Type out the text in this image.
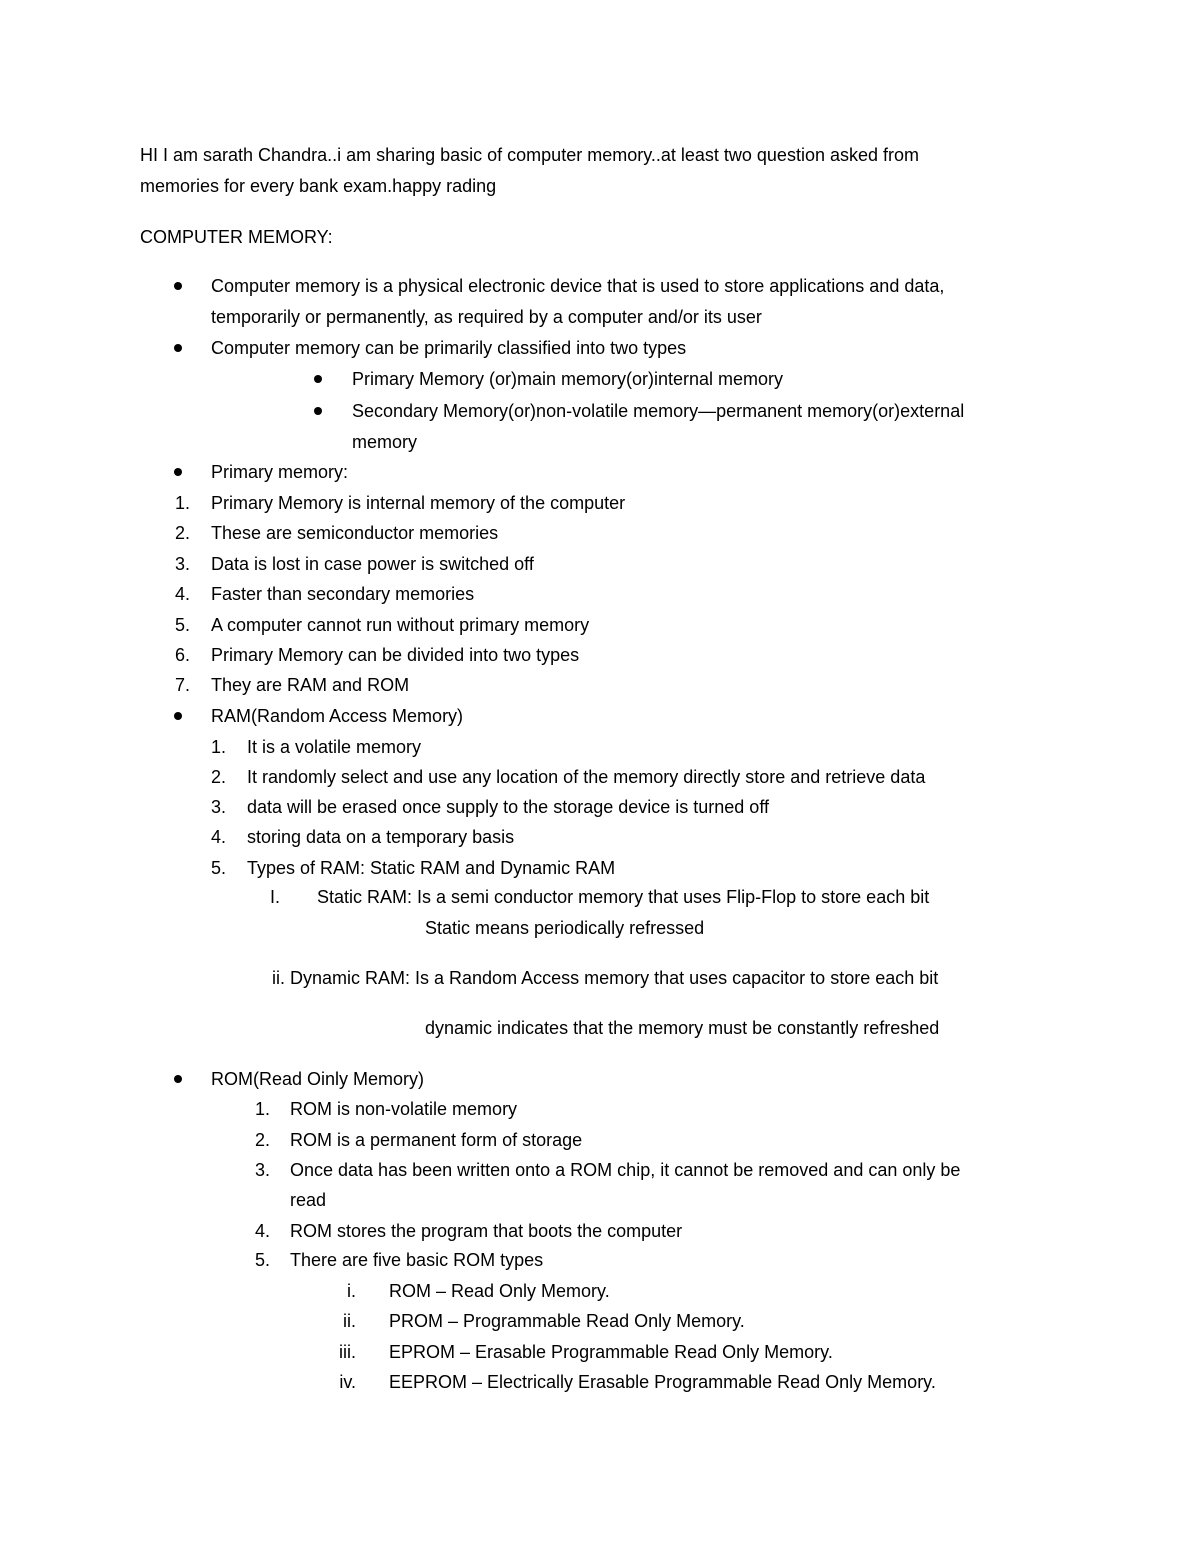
HI I am sarath Chandra..i am sharing basic of computer memory..at least two question asked from
memories for every bank exam.happy rading
COMPUTER MEMORY:
Computer memory is a physical electronic device that is used to store applications and data,
temporarily or permanently, as required by a computer and/or its user
Computer memory can be primarily classified into two types
Primary Memory (or)main memory(or)internal memory
Secondary Memory(or)non-volatile memory—permanent memory(or)external
memory
Primary memory:
1. Primary Memory is internal memory of the computer
2. These are semiconductor memories
3. Data is lost in case power is switched off
4. Faster than secondary memories
5. A computer cannot run without primary memory
6. Primary Memory can be divided into two types
7. They are RAM and ROM
RAM(Random Access Memory)
1. It is a volatile memory
2. It randomly select and use any location of the memory directly store and retrieve data
3. data will be erased once supply to the storage device is turned off
4. storing data on a temporary basis
5. Types of RAM: Static RAM and Dynamic RAM
I. Static RAM: Is a semi conductor memory that uses Flip-Flop to store each bit
Static means periodically refressed
ii. Dynamic RAM: Is a Random Access memory that uses capacitor to store each bit
dynamic indicates that the memory must be constantly refreshed
ROM(Read Oinly Memory)
1. ROM is non-volatile memory
2. ROM is a permanent form of storage
3. Once data has been written onto a ROM chip, it cannot be removed and can only be
read
4. ROM stores the program that boots the computer
5. There are five basic ROM types
i. ROM – Read Only Memory.
ii. PROM – Programmable Read Only Memory.
iii. EPROM – Erasable Programmable Read Only Memory.
iv. EEPROM – Electrically Erasable Programmable Read Only Memory.
